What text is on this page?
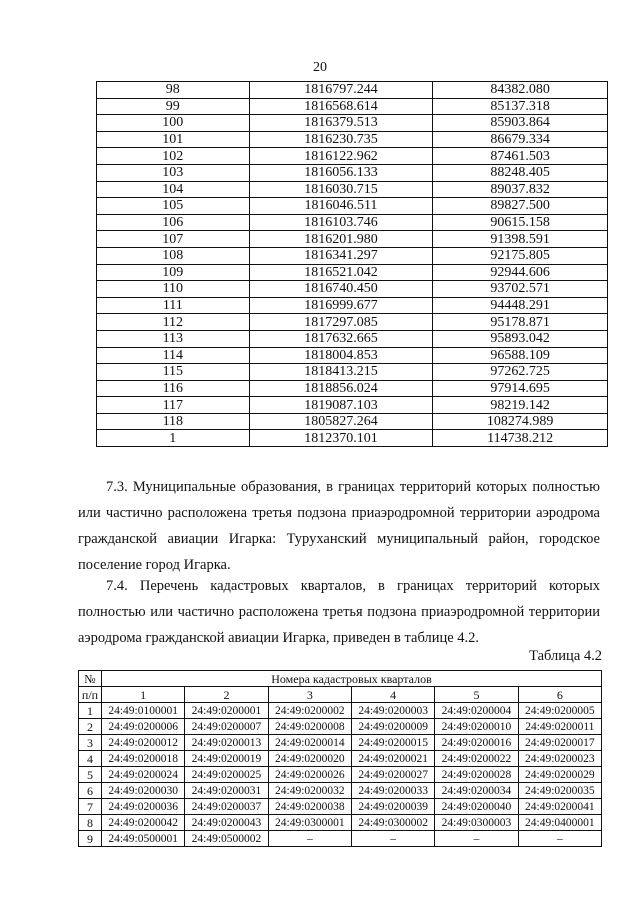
20
98	1816797.244	84382.080
99	1816568.614	85137.318
100	1816379.513	85903.864
101	1816230.735	86679.334
102	1816122.962	87461.503
103	1816056.133	88248.405
104	1816030.715	89037.832
105	1816046.511	89827.500
106	1816103.746	90615.158
107	1816201.980	91398.591
108	1816341.297	92175.805
109	1816521.042	92944.606
110	1816740.450	93702.571
111	1816999.677	94448.291
112	1817297.085	95178.871
113	1817632.665	95893.042
114	1818004.853	96588.109
115	1818413.215	97262.725
116	1818856.024	97914.695
117	1819087.103	98219.142
118	1805827.264	108274.989
1	1812370.101	114738.212

7.3. Муниципальные образования, в границах территорий которых полностью или частично расположена третья подзона приаэродромной территории аэродрома гражданской авиации Игарка: Туруханский муниципальный район, городское поселение город Игарка.

7.4. Перечень кадастровых кварталов, в границах территорий которых полностью или частично расположена третья подзона приаэродромной территории аэродрома гражданской авиации Игарка, приведен в таблице 4.2.

Таблица 4.2
№	Номера кадастровых кварталов					
п/п	1	2	3	4	5	6
1	24:49:0100001	24:49:0200001	24:49:0200002	24:49:0200003	24:49:0200004	24:49:0200005
2	24:49:0200006	24:49:0200007	24:49:0200008	24:49:0200009	24:49:0200010	24:49:0200011
3	24:49:0200012	24:49:0200013	24:49:0200014	24:49:0200015	24:49:0200016	24:49:0200017
4	24:49:0200018	24:49:0200019	24:49:0200020	24:49:0200021	24:49:0200022	24:49:0200023
5	24:49:0200024	24:49:0200025	24:49:0200026	24:49:0200027	24:49:0200028	24:49:0200029
6	24:49:0200030	24:49:0200031	24:49:0200032	24:49:0200033	24:49:0200034	24:49:0200035
7	24:49:0200036	24:49:0200037	24:49:0200038	24:49:0200039	24:49:0200040	24:49:0200041
8	24:49:0200042	24:49:0200043	24:49:0300001	24:49:0300002	24:49:0300003	24:49:0400001
9	24:49:0500001	24:49:0500002	–	–	–	–
